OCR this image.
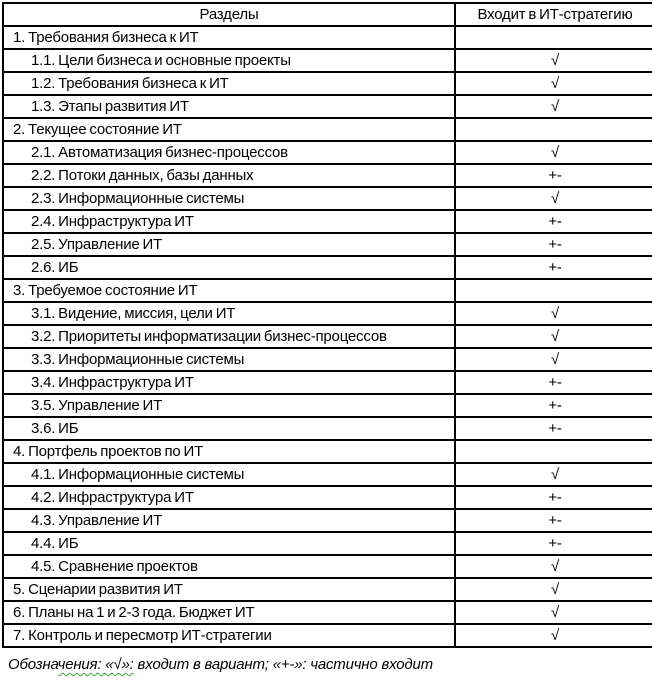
Разделы	Входит в ИТ-стратегию
1. Требования бизнеса к ИТ	
1.1. Цели бизнеса и основные проекты	√
1.2. Требования бизнеса к ИТ	√
1.3. Этапы развития ИТ	√
2. Текущее состояние ИТ	
2.1. Автоматизация бизнес-процессов	√
2.2. Потоки данных, базы данных	+-
2.3. Информационные системы	√
2.4. Инфраструктура ИТ	+-
2.5. Управление ИТ	+-
2.6. ИБ	+-
3. Требуемое состояние ИТ	
3.1. Видение, миссия, цели ИТ	√
3.2. Приоритеты информатизации бизнес-процессов	√
3.3. Информационные системы	√
3.4. Инфраструктура ИТ	+-
3.5. Управление ИТ	+-
3.6. ИБ	+-
4. Портфель проектов по ИТ	
4.1. Информационные системы	√
4.2. Инфраструктура ИТ	+-
4.3. Управление ИТ	+-
4.4. ИБ	+-
4.5. Сравнение проектов	√
5. Сценарии развития ИТ	√
6. Планы на 1 и 2-3 года. Бюджет ИТ	√
7. Контроль и пересмотр ИТ-стратегии	√
Обозначения: «√»: входит в вариант; «+-»: частично входит
